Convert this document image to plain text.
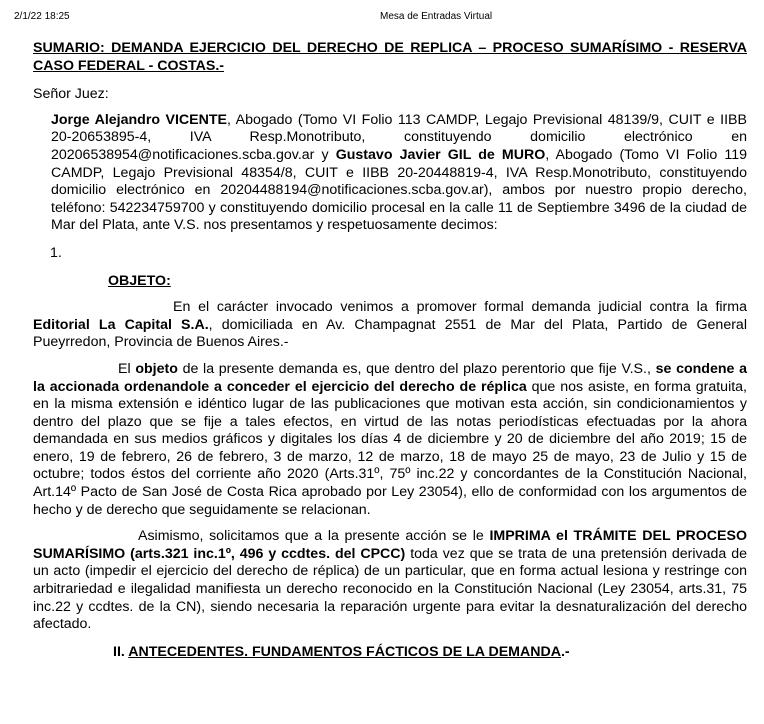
2/1/22 18:25	Mesa de Entradas Virtual

SUMARIO: DEMANDA EJERCICIO DEL DERECHO DE REPLICA – PROCESO SUMARÍSIMO - RESERVA CASO FEDERAL - COSTAS.-

Señor Juez:

Jorge Alejandro VICENTE, Abogado (Tomo VI Folio 113 CAMDP, Legajo Previsional 48139/9, CUIT e IIBB 20-20653895-4, IVA Resp.Monotributo, constituyendo domicilio electrónico en 20206538954@notificaciones.scba.gov.ar y Gustavo Javier GIL de MURO, Abogado (Tomo VI Folio 119 CAMDP, Legajo Previsional 48354/8, CUIT e IIBB 20-20448819-4, IVA Resp.Monotributo, constituyendo domicilio electrónico en 20204488194@notificaciones.scba.gov.ar), ambos por nuestro propio derecho, teléfono: 542234759700 y constituyendo domicilio procesal en la calle 11 de Septiembre 3496 de la ciudad de Mar del Plata, ante V.S. nos presentamos y respetuosamente decimos:

1.

OBJETO:

En el carácter invocado venimos a promover formal demanda judicial contra la firma Editorial La Capital S.A., domiciliada en Av. Champagnat 2551 de Mar del Plata, Partido de General Pueyrredon, Provincia de Buenos Aires.-

El objeto de la presente demanda es, que dentro del plazo perentorio que fije V.S., se condene a la accionada ordenandole a conceder el ejercicio del derecho de réplica que nos asiste, en forma gratuita, en la misma extensión e idéntico lugar de las publicaciones que motivan esta acción, sin condicionamientos y dentro del plazo que se fije a tales efectos, en virtud de las notas periodísticas efectuadas por la ahora demandada en sus medios gráficos y digitales los días 4 de diciembre y 20 de diciembre del año 2019; 15 de enero, 19 de febrero, 26 de febrero, 3 de marzo, 12 de marzo, 18 de mayo 25 de mayo, 23 de Julio y 15 de octubre; todos éstos del corriente año 2020 (Arts.31º, 75º inc.22 y concordantes de la Constitución Nacional, Art.14º Pacto de San José de Costa Rica aprobado por Ley 23054), ello de conformidad con los argumentos de hecho y de derecho que seguidamente se relacionan.

Asimismo, solicitamos que a la presente acción se le IMPRIMA el TRÁMITE DEL PROCESO SUMARÍSIMO (arts.321 inc.1º, 496 y ccdtes. del CPCC) toda vez que se trata de una pretensión derivada de un acto (impedir el ejercicio del derecho de réplica) de un particular, que en forma actual lesiona y restringe con arbitrariedad e ilegalidad manifiesta un derecho reconocido en la Constitución Nacional (Ley 23054, arts.31, 75 inc.22 y ccdtes. de la CN), siendo necesaria la reparación urgente para evitar la desnaturalización del derecho afectado.

II. ANTECEDENTES. FUNDAMENTOS FÁCTICOS DE LA DEMANDA.-
